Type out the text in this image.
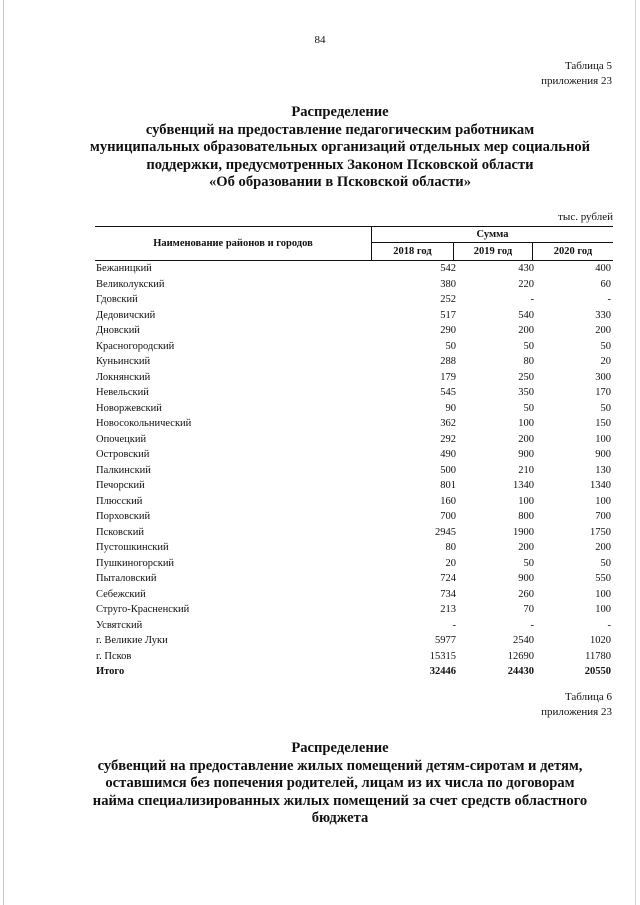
84
Таблица 5
приложения 23
Распределение
субвенций на предоставление педагогическим работникам
муниципальных образовательных организаций отдельных мер социальной
поддержки, предусмотренных Законом Псковской области
«Об образовании в Псковской области»
тыс. рублей
Наименование районов и городов
Сумма
2018 год	2019 год	2020 год
Бежаницкий	542	430	400
Великолукский	380	220	60
Гдовский	252	-	-
Дедовичский	517	540	330
Дновский	290	200	200
Красногородский	50	50	50
Куньинский	288	80	20
Локнянский	179	250	300
Невельский	545	350	170
Новоржевский	90	50	50
Новосокольнический	362	100	150
Опочецкий	292	200	100
Островский	490	900	900
Палкинский	500	210	130
Печорский	801	1340	1340
Плюсский	160	100	100
Порховский	700	800	700
Псковский	2945	1900	1750
Пустошкинский	80	200	200
Пушкиногорский	20	50	50
Пыталовский	724	900	550
Себежский	734	260	100
Струго-Красненский	213	70	100
Усвятский	-	-	-
г. Великие Луки	5977	2540	1020
г. Псков	15315	12690	11780
Итого	32446	24430	20550
Таблица 6
приложения 23
Распределение
субвенций на предоставление жилых помещений детям-сиротам и детям,
оставшимся без попечения родителей, лицам из их числа по договорам
найма специализированных жилых помещений за счет средств областного
бюджета
